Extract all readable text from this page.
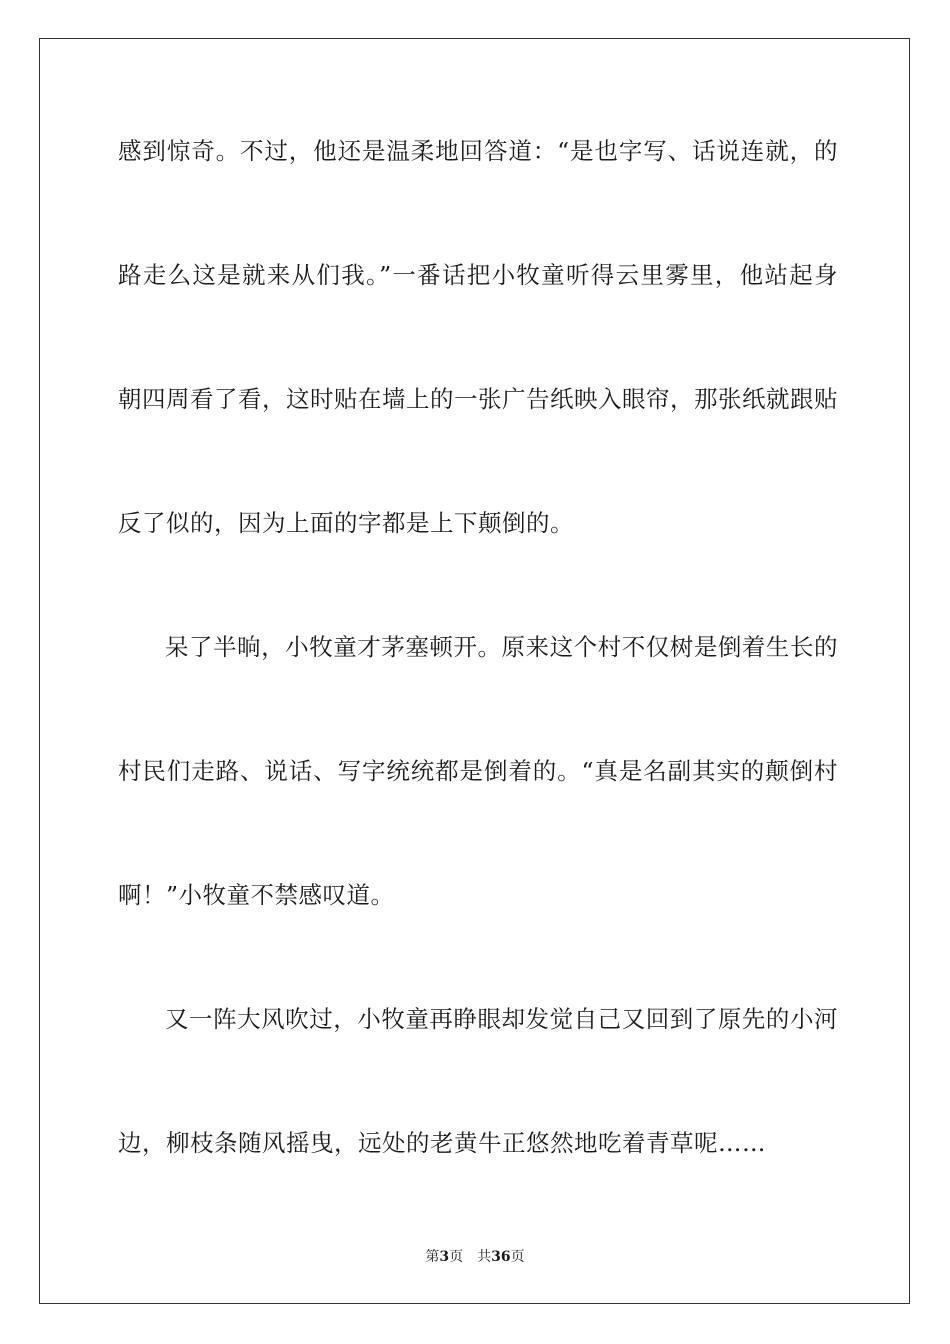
感到惊奇。不过，他还是温柔地回答道：“是也字写、话说连就，的
路走么这是就来从们我。”一番话把小牧童听得云里雾里，他站起身
朝四周看了看，这时贴在墙上的一张广告纸映入眼帘，那张纸就跟贴
反了似的，因为上面的字都是上下颠倒的。
呆了半晌，小牧童才茅塞顿开。原来这个村不仅树是倒着生长的
村民们走路、说话、写字统统都是倒着的。“真是名副其实的颠倒村
啊！”小牧童不禁感叹道。
又一阵大风吹过，小牧童再睁眼却发觉自己又回到了原先的小河
边，柳枝条随风摇曳，远处的老黄牛正悠然地吃着青草呢……
第3页 共36页
